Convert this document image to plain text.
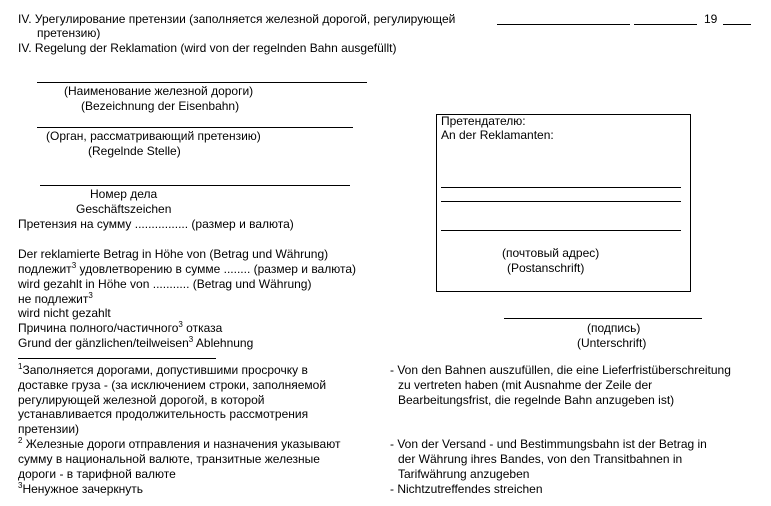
IV. Урегулирование претензии (заполняется железной дорогой, регулирующей	19
претензию)
IV. Regelung der Reklamation (wird von der regelnden Bahn ausgefüllt)
(Наименование железной дороги)
(Bezeichnung der Eisenbahn)
(Орган, рассматривающий претензию)
(Regelnde Stelle)
Номер дела
Geschäftszeichen
Претензия на сумму ................ (размер и валюта)
Der reklamierte Betrag in Höhe von (Betrag und Währung)
подлежит$^3$ удовлетворению в сумме ........ (размер и валюта)
wird gezahlt in Höhe von ........... (Betrag und Währung)
не подлежит$^3$
wird nicht gezahlt
Причина полного/частичного$^3$ отказа
Grund der gänzlichen/teilweisen$^3$ Ablehnung
Претендателю:
An der Reklamanten:
(почтовый адрес)
(Postanschrift)
(подпись)
(Unterschrift)
$^1$Заполняется дорогами, допустившими просрочку в
доставке груза - (за исключением строки, заполняемой
регулирующей железной дорогой, в которой
устанавливается продолжительность рассмотрения
претензии)
$^2$ Железные дороги отправления и назначения указывают
сумму в национальной валюте, транзитные железные
дороги - в тарифной валюте
$^3$Ненужное зачеркнуть
- Von den Bahnen auszufüllen, die eine Lieferfristüberschreitung
zu vertreten haben (mit Ausnahme der Zeile der
Bearbeitungsfrist, die regelnde Bahn anzugeben ist)
- Von der Versand - und Bestimmungsbahn ist der Betrag in
der Währung ihres Bandes, von den Transitbahnen in
Tarifwährung anzugeben
- Nichtzutreffendes streichen
